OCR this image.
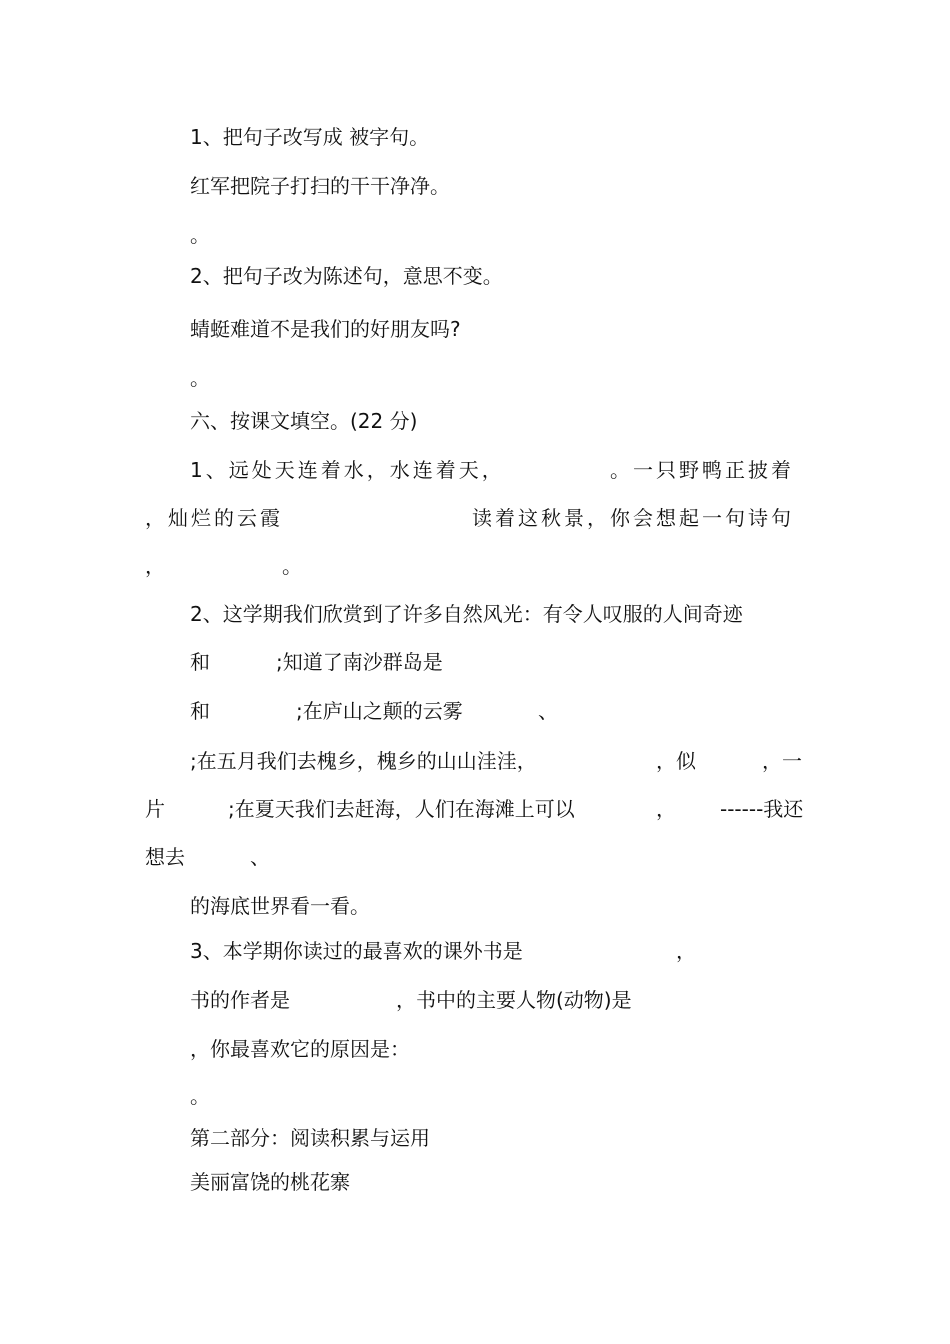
1、把句子改写成 被字句。
红军把院子打扫的干干净净。
。
2、把句子改为陈述句，意思不变。
蜻蜓难道不是我们的好朋友吗?
。
六、按课文填空。(22 分)
1、远处天连着水，水连着天，	。一只野鸭正披着
，灿烂的云霞	读着这秋景，你会想起一句诗句
，	。
2、这学期我们欣赏到了许多自然风光：有令人叹服的人间奇迹
和	;知道了南沙群岛是
和	;在庐山之颠的云雾	、
;在五月我们去槐乡，槐乡的山山洼洼，	，似	，一
片	;在夏天我们去赶海，人们在海滩上可以	， ------我还
想去	、
的海底世界看一看。
3、本学期你读过的最喜欢的课外书是	，
书的作者是	，书中的主要人物(动物)是
，你最喜欢它的原因是：
。
第二部分：阅读积累与运用
美丽富饶的桃花寨
